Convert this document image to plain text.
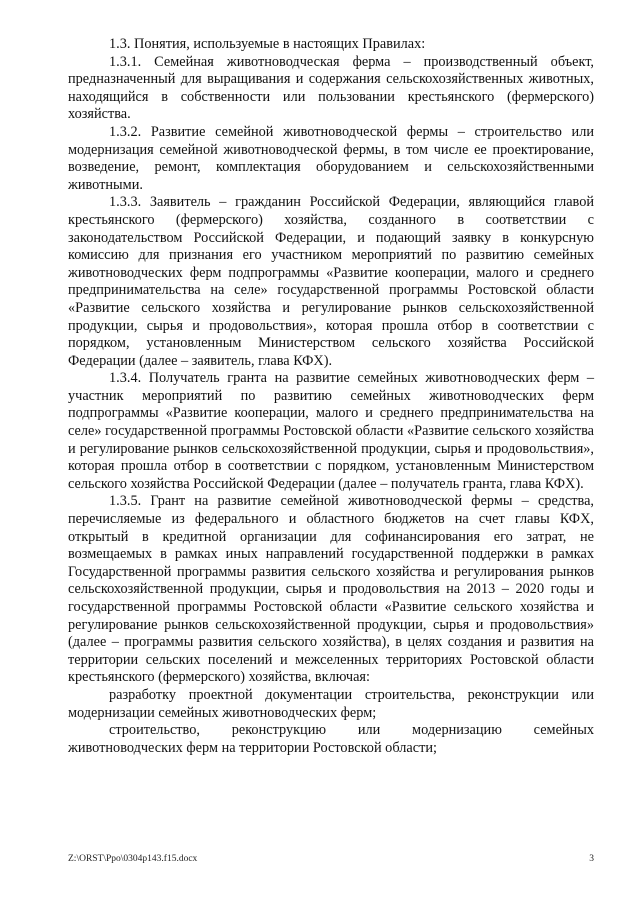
1.3. Понятия, используемые в настоящих Правилах:

1.3.1. Семейная животноводческая ферма – производственный объект, предназначенный для выращивания и содержания сельскохозяйственных животных, находящийся в собственности или пользовании крестьянского (фермерского) хозяйства.

1.3.2. Развитие семейной животноводческой фермы – строительство или модернизация семейной животноводческой фермы, в том числе ее проектирование, возведение, ремонт, комплектация оборудованием и сельскохозяйственными животными.

1.3.3. Заявитель – гражданин Российской Федерации, являющийся главой крестьянского (фермерского) хозяйства, созданного в соответствии с законодательством Российской Федерации, и подающий заявку в конкурсную комиссию для признания его участником мероприятий по развитию семейных животноводческих ферм подпрограммы «Развитие кооперации, малого и среднего предпринимательства на селе» государственной программы Ростовской области «Развитие сельского хозяйства и регулирование рынков сельскохозяйственной продукции, сырья и продовольствия», которая прошла отбор в соответствии с порядком, установленным Министерством сельского хозяйства Российской Федерации (далее – заявитель, глава КФХ).

1.3.4. Получатель гранта на развитие семейных животноводческих ферм – участник мероприятий по развитию семейных животноводческих ферм подпрограммы «Развитие кооперации, малого и среднего предпринимательства на селе» государственной программы Ростовской области «Развитие сельского хозяйства и регулирование рынков сельскохозяйственной продукции, сырья и продовольствия», которая прошла отбор в соответствии с порядком, установленным Министерством сельского хозяйства Российской Федерации (далее – получатель гранта, глава КФХ).

1.3.5. Грант на развитие семейной животноводческой фермы – средства, перечисляемые из федерального и областного бюджетов на счет главы КФХ, открытый в кредитной организации для софинансирования его затрат, не возмещаемых в рамках иных направлений государственной поддержки в рамках Государственной программы развития сельского хозяйства и регулирования рынков сельскохозяйственной продукции, сырья и продовольствия на 2013 – 2020 годы и государственной программы Ростовской области «Развитие сельского хозяйства и регулирование рынков сельскохозяйственной продукции, сырья и продовольствия» (далее – программы развития сельского хозяйства), в целях создания и развития на территории сельских поселений и межселенных территориях Ростовской области крестьянского (фермерского) хозяйства, включая:

разработку проектной документации строительства, реконструкции или модернизации семейных животноводческих ферм;

строительство, реконструкцию или модернизацию семейных животноводческих ферм на территории Ростовской области;

Z:\ORST\Ppo\0304p143.f15.docx	3
